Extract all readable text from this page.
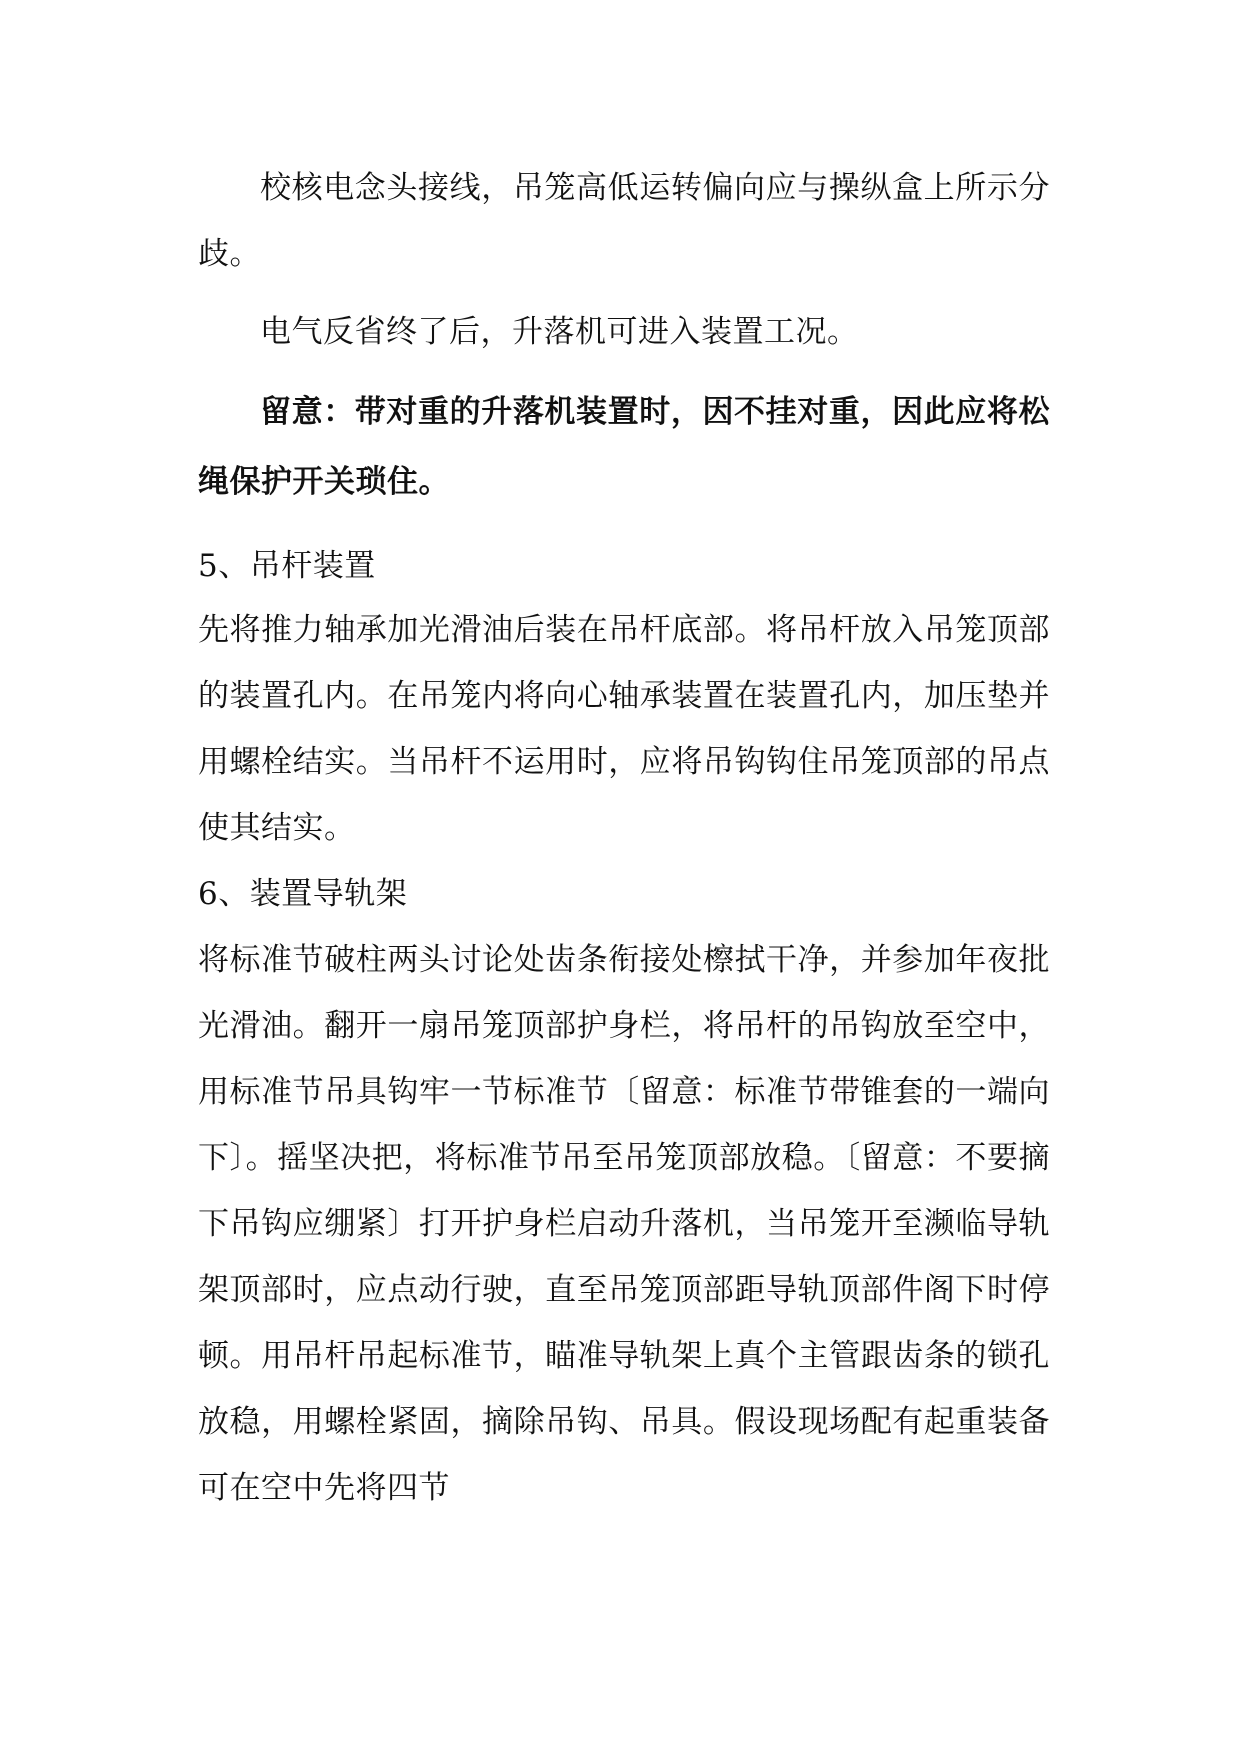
校核电念头接线，吊笼高低运转偏向应与操纵盒上所示分歧。

电气反省终了后，升落机可进入装置工况。

留意：带对重的升落机装置时，因不挂对重，因此应将松绳保护开关琐住。

5、吊杆装置

先将推力轴承加光滑油后装在吊杆底部。将吊杆放入吊笼顶部的装置孔内。在吊笼内将向心轴承装置在装置孔内，加压垫并用螺栓结实。当吊杆不运用时，应将吊钩钩住吊笼顶部的吊点使其结实。

6、装置导轨架

将标准节破柱两头讨论处齿条衔接处檫拭干净，并参加年夜批光滑油。翻开一扇吊笼顶部护身栏，将吊杆的吊钩放至空中，用标准节吊具钩牢一节标准节〔留意：标准节带锥套的一端向下〕。摇坚决把，将标准节吊至吊笼顶部放稳。〔留意：不要摘下吊钩应绷紧〕打开护身栏启动升落机，当吊笼开至濒临导轨架顶部时，应点动行驶，直至吊笼顶部距导轨顶部件阁下时停顿。用吊杆吊起标准节，瞄准导轨架上真个主管跟齿条的锁孔放稳，用螺栓紧固，摘除吊钩、吊具。假设现场配有起重装备可在空中先将四节
